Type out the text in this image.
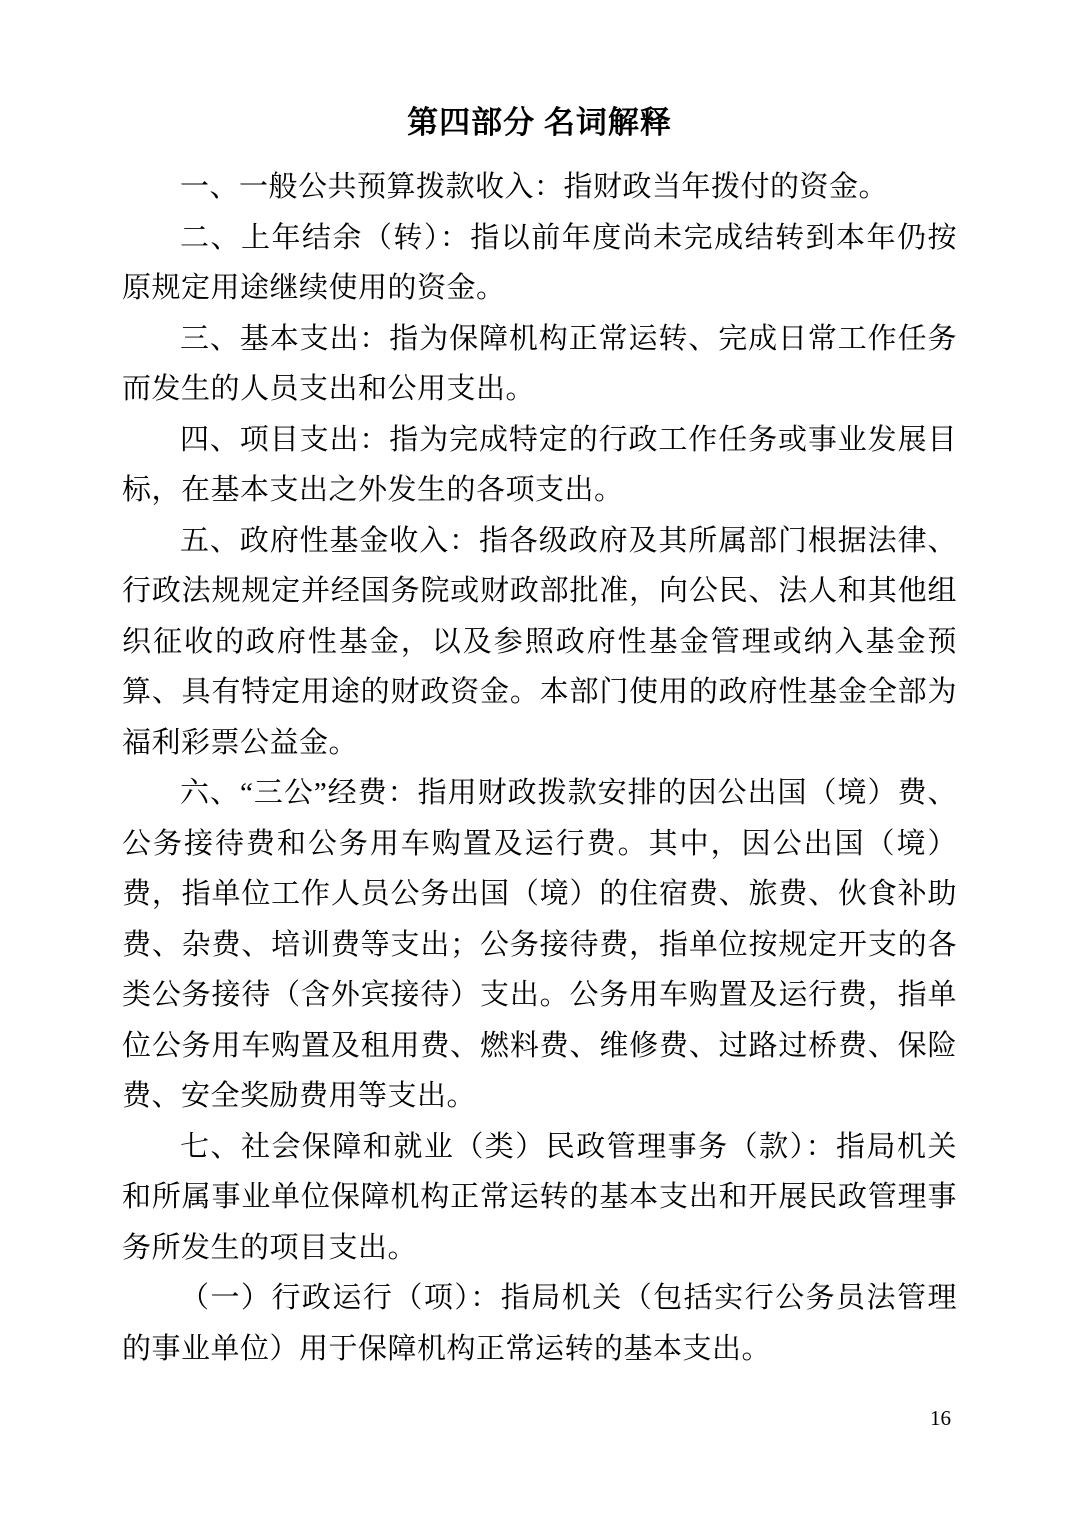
第四部分 名词解释

一、一般公共预算拨款收入：指财政当年拨付的资金。

二、上年结余（转）：指以前年度尚未完成结转到本年仍按原规定用途继续使用的资金。

三、基本支出：指为保障机构正常运转、完成日常工作任务而发生的人员支出和公用支出。

四、项目支出：指为完成特定的行政工作任务或事业发展目标，在基本支出之外发生的各项支出。

五、政府性基金收入：指各级政府及其所属部门根据法律、行政法规规定并经国务院或财政部批准，向公民、法人和其他组织征收的政府性基金，以及参照政府性基金管理或纳入基金预算、具有特定用途的财政资金。本部门使用的政府性基金全部为福利彩票公益金。

六、“三公”经费：指用财政拨款安排的因公出国（境）费、公务接待费和公务用车购置及运行费。其中，因公出国（境）费，指单位工作人员公务出国（境）的住宿费、旅费、伙食补助费、杂费、培训费等支出；公务接待费，指单位按规定开支的各类公务接待（含外宾接待）支出。公务用车购置及运行费，指单位公务用车购置及租用费、燃料费、维修费、过路过桥费、保险费、安全奖励费用等支出。

七、社会保障和就业（类）民政管理事务（款）：指局机关和所属事业单位保障机构正常运转的基本支出和开展民政管理事务所发生的项目支出。

（一）行政运行（项）：指局机关（包括实行公务员法管理的事业单位）用于保障机构正常运转的基本支出。

16
